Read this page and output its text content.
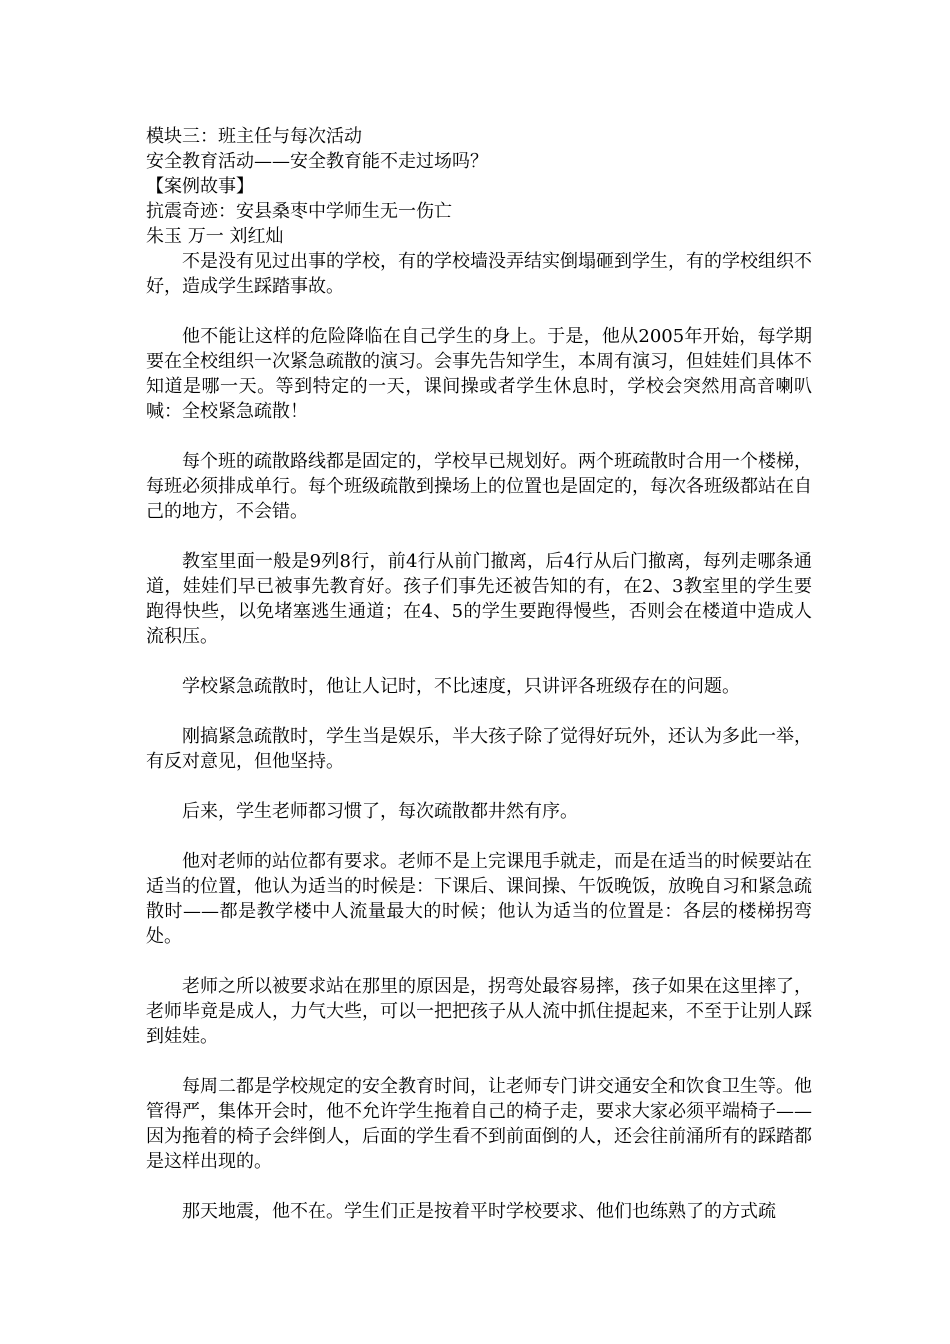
模块三：班主任与每次活动

安全教育活动——安全教育能不走过场吗？

【案例故事】

抗震奇迹：安县桑枣中学师生无一伤亡

朱玉 万一 刘红灿

不是没有见过出事的学校，有的学校墙没弄结实倒塌砸到学生，有的学校组织不好，造成学生踩踏事故。

他不能让这样的危险降临在自己学生的身上。于是，他从2005年开始，每学期要在全校组织一次紧急疏散的演习。会事先告知学生，本周有演习，但娃娃们具体不知道是哪一天。等到特定的一天，课间操或者学生休息时，学校会突然用高音喇叭喊：全校紧急疏散！

每个班的疏散路线都是固定的，学校早已规划好。两个班疏散时合用一个楼梯，每班必须排成单行。每个班级疏散到操场上的位置也是固定的，每次各班级都站在自己的地方，不会错。

教室里面一般是9列8行，前4行从前门撤离，后4行从后门撤离，每列走哪条通道，娃娃们早已被事先教育好。孩子们事先还被告知的有，在2、3教室里的学生要跑得快些，以免堵塞逃生通道；在4、5的学生要跑得慢些，否则会在楼道中造成人流积压。

学校紧急疏散时，他让人记时，不比速度，只讲评各班级存在的问题。

刚搞紧急疏散时，学生当是娱乐，半大孩子除了觉得好玩外，还认为多此一举，有反对意见，但他坚持。

后来，学生老师都习惯了，每次疏散都井然有序。

他对老师的站位都有要求。老师不是上完课甩手就走，而是在适当的时候要站在适当的位置，他认为适当的时候是：下课后、课间操、午饭晚饭，放晚自习和紧急疏散时——都是教学楼中人流量最大的时候；他认为适当的位置是：各层的楼梯拐弯处。

老师之所以被要求站在那里的原因是，拐弯处最容易摔，孩子如果在这里摔了，老师毕竟是成人，力气大些，可以一把把孩子从人流中抓住提起来，不至于让别人踩到娃娃。

每周二都是学校规定的安全教育时间，让老师专门讲交通安全和饮食卫生等。他管得严，集体开会时，他不允许学生拖着自己的椅子走，要求大家必须平端椅子——因为拖着的椅子会绊倒人，后面的学生看不到前面倒的人，还会往前涌所有的踩踏都是这样出现的。

那天地震，他不在。学生们正是按着平时学校要求、他们也练熟了的方式疏
